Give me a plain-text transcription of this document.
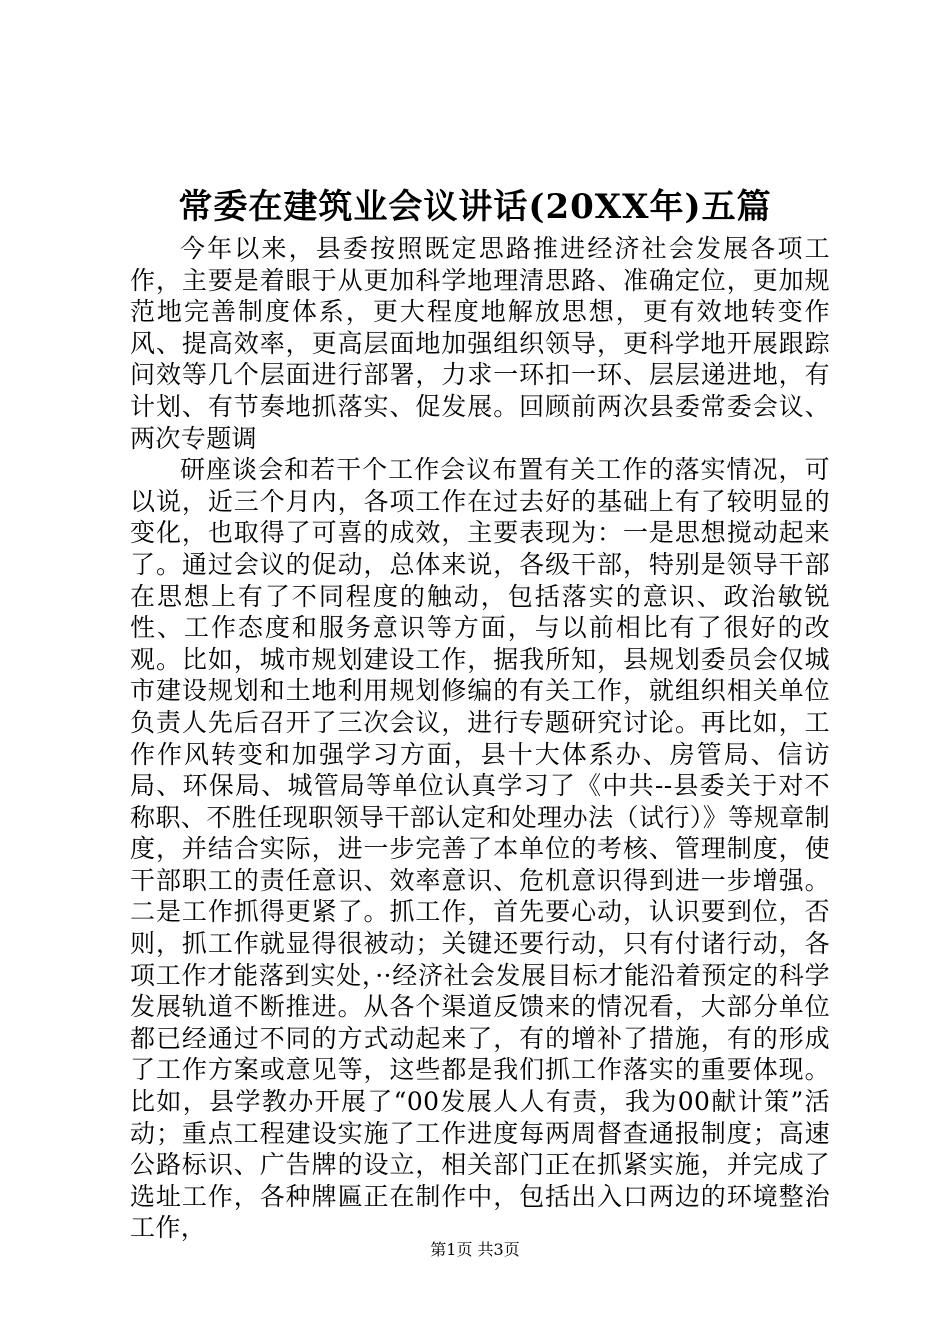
常委在建筑业会议讲话(20XX年)五篇

今年以来，县委按照既定思路推进经济社会发展各项工作，主要是着眼于从更加科学地理清思路、准确定位，更加规范地完善制度体系，更大程度地解放思想，更有效地转变作风、提高效率，更高层面地加强组织领导，更科学地开展跟踪问效等几个层面进行部署，力求一环扣一环、层层递进地，有计划、有节奏地抓落实、促发展。回顾前两次县委常委会议、两次专题调

研座谈会和若干个工作会议布置有关工作的落实情况，可以说，近三个月内，各项工作在过去好的基础上有了较明显的变化，也取得了可喜的成效，主要表现为：一是思想搅动起来了。通过会议的促动，总体来说，各级干部，特别是领导干部在思想上有了不同程度的触动，包括落实的意识、政治敏锐性、工作态度和服务意识等方面，与以前相比有了很好的改观。比如，城市规划建设工作，据我所知，县规划委员会仅城市建设规划和土地利用规划修编的有关工作，就组织相关单位负责人先后召开了三次会议，进行专题研究讨论。再比如，工作作风转变和加强学习方面，县十大体系办、房管局、信访局、环保局、城管局等单位认真学习了《中共--县委关于对不称职、不胜任现职领导干部认定和处理办法（试行）》等规章制度，并结合实际，进一步完善了本单位的考核、管理制度，使干部职工的责任意识、效率意识、危机意识得到进一步增强。二是工作抓得更紧了。抓工作，首先要心动，认识要到位，否则，抓工作就显得很被动；关键还要行动，只有付诸行动，各项工作才能落到实处，··经济社会发展目标才能沿着预定的科学发展轨道不断推进。从各个渠道反馈来的情况看，大部分单位都已经通过不同的方式动起来了，有的增补了措施，有的形成了工作方案或意见等，这些都是我们抓工作落实的重要体现。比如，县学教办开展了“00发展人人有责，我为00献计策”活动；重点工程建设实施了工作进度每两周督查通报制度；高速公路标识、广告牌的设立，相关部门正在抓紧实施，并完成了选址工作，各种牌匾正在制作中，包括出入口两边的环境整治工作，

第1页 共3页
